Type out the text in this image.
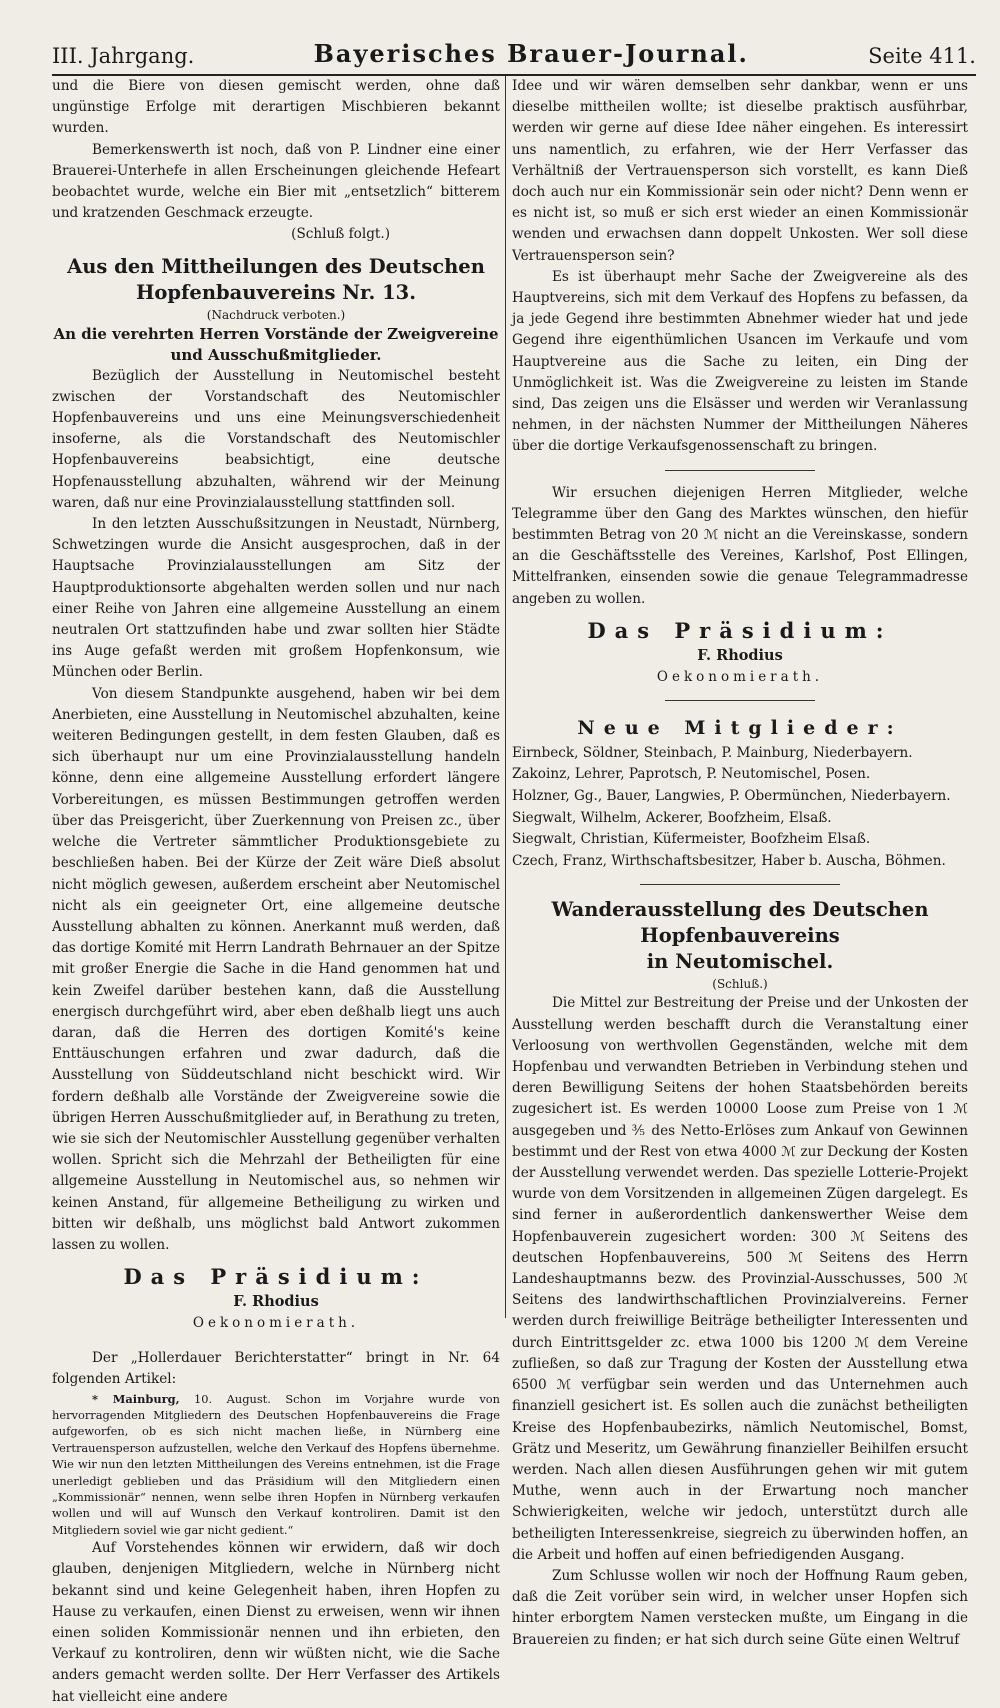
III. Jahrgang.	Bayerisches Brauer-Journal.	Seite 411.

und die Biere von diesen gemischt werden, ohne daß ungünstige Erfolge mit derartigen Mischbieren bekannt wurden.

Bemerkenswerth ist noch, daß von P. Lindner eine einer Brauerei-Unterhefe in allen Erscheinungen gleichende Hefeart beobachtet wurde, welche ein Bier mit „entsetzlich“ bitterem und kratzenden Geschmack erzeugte.

(Schluß folgt.)

Aus den Mittheilungen des Deutschen Hopfenbauvereins Nr. 13.
(Nachdruck verboten.)
An die verehrten Herren Vorstände der Zweigvereine
und Ausschußmitglieder.

Bezüglich der Ausstellung in Neutomischel besteht zwischen der Vorstandschaft des Neutomischler Hopfenbauvereins und uns eine Meinungsverschiedenheit insoferne, als die Vorstandschaft des Neutomischler Hopfenbauvereins beabsichtigt, eine deutsche Hopfenausstellung abzuhalten, während wir der Meinung waren, daß nur eine Provinzialausstellung stattfinden soll.

In den letzten Ausschußsitzungen in Neustadt, Nürnberg, Schwetzingen wurde die Ansicht ausgesprochen, daß in der Hauptsache Provinzialausstellungen am Sitz der Hauptproduktionsorte abgehalten werden sollen und nur nach einer Reihe von Jahren eine allgemeine Ausstellung an einem neutralen Ort stattzufinden habe und zwar sollten hier Städte ins Auge gefaßt werden mit großem Hopfenkonsum, wie München oder Berlin.

Von diesem Standpunkte ausgehend, haben wir bei dem Anerbieten, eine Ausstellung in Neutomischel abzuhalten, keine weiteren Bedingungen gestellt, in dem festen Glauben, daß es sich überhaupt nur um eine Provinzialausstellung handeln könne, denn eine allgemeine Ausstellung erfordert längere Vorbereitungen, es müssen Bestimmungen getroffen werden über das Preisgericht, über Zuerkennung von Preisen zc., über welche die Vertreter sämmtlicher Produktionsgebiete zu beschließen haben. Bei der Kürze der Zeit wäre Dieß absolut nicht möglich gewesen, außerdem erscheint aber Neutomischel nicht als ein geeigneter Ort, eine allgemeine deutsche Ausstellung abhalten zu können. Anerkannt muß werden, daß das dortige Komité mit Herrn Landrath Behrnauer an der Spitze mit großer Energie die Sache in die Hand genommen hat und kein Zweifel darüber bestehen kann, daß die Ausstellung energisch durchgeführt wird, aber eben deßhalb liegt uns auch daran, daß die Herren des dortigen Komité's keine Enttäuschungen erfahren und zwar dadurch, daß die Ausstellung von Süddeutschland nicht beschickt wird. Wir fordern deßhalb alle Vorstände der Zweigvereine sowie die übrigen Herren Ausschußmitglieder auf, in Berathung zu treten, wie sie sich der Neutomischler Ausstellung gegenüber verhalten wollen. Spricht sich die Mehrzahl der Betheiligten für eine allgemeine Ausstellung in Neutomischel aus, so nehmen wir keinen Anstand, für allgemeine Betheiligung zu wirken und bitten wir deßhalb, uns möglichst bald Antwort zukommen lassen zu wollen.

Das Präsidium:
F. Rhodius
Oekonomierath.

Der „Hollerdauer Berichterstatter“ bringt in Nr. 64 folgenden Artikel:

* Mainburg, 10. August. Schon im Vorjahre wurde von hervorragenden Mitgliedern des Deutschen Hopfenbauvereins die Frage aufgeworfen, ob es sich nicht machen ließe, in Nürnberg eine Vertrauensperson aufzustellen, welche den Verkauf des Hopfens übernehme. Wie wir nun den letzten Mittheilungen des Vereins entnehmen, ist die Frage unerledigt geblieben und das Präsidium will den Mitgliedern einen „Kommissionär“ nennen, wenn selbe ihren Hopfen in Nürnberg verkaufen wollen und will auf Wunsch den Verkauf kontroliren. Damit ist den Mitgliedern soviel wie gar nicht gedient.“

Auf Vorstehendes können wir erwidern, daß wir doch glauben, denjenigen Mitgliedern, welche in Nürnberg nicht bekannt sind und keine Gelegenheit haben, ihren Hopfen zu Hause zu verkaufen, einen Dienst zu erweisen, wenn wir ihnen einen soliden Kommissionär nennen und ihn erbieten, den Verkauf zu kontroliren, denn wir wüßten nicht, wie die Sache anders gemacht werden sollte. Der Herr Verfasser des Artikels hat vielleicht eine andere

Idee und wir wären demselben sehr dankbar, wenn er uns dieselbe mittheilen wollte; ist dieselbe praktisch ausführbar, werden wir gerne auf diese Idee näher eingehen. Es interessirt uns namentlich, zu erfahren, wie der Herr Verfasser das Verhältniß der Vertrauensperson sich vorstellt, es kann Dieß doch auch nur ein Kommissionär sein oder nicht? Denn wenn er es nicht ist, so muß er sich erst wieder an einen Kommissionär wenden und erwachsen dann doppelt Unkosten. Wer soll diese Vertrauensperson sein?

Es ist überhaupt mehr Sache der Zweigvereine als des Hauptvereins, sich mit dem Verkauf des Hopfens zu befassen, da ja jede Gegend ihre bestimmten Abnehmer wieder hat und jede Gegend ihre eigenthümlichen Usancen im Verkaufe und vom Hauptvereine aus die Sache zu leiten, ein Ding der Unmöglichkeit ist. Was die Zweigvereine zu leisten im Stande sind, Das zeigen uns die Elsässer und werden wir Veranlassung nehmen, in der nächsten Nummer der Mittheilungen Näheres über die dortige Verkaufsgenossenschaft zu bringen.

Wir ersuchen diejenigen Herren Mitglieder, welche Telegramme über den Gang des Marktes wünschen, den hiefür bestimmten Betrag von 20 ℳ nicht an die Vereinskasse, sondern an die Geschäftsstelle des Vereines, Karlshof, Post Ellingen, Mittelfranken, einsenden sowie die genaue Telegrammadresse angeben zu wollen.

Das Präsidium:
F. Rhodius
Oekonomierath.
Neue Mitglieder:
Eirnbeck, Söldner, Steinbach, P. Mainburg, Niederbayern.
Zakoinz, Lehrer, Paprotsch, P. Neutomischel, Posen.
Holzner, Gg., Bauer, Langwies, P. Obermünchen, Niederbayern.
Siegwalt, Wilhelm, Ackerer, Boofzheim, Elsaß.
Siegwalt, Christian, Küfermeister, Boofzheim Elsaß.
Czech, Franz, Wirthschaftsbesitzer, Haber b. Auscha, Böhmen.
Wanderausstellung des Deutschen Hopfenbauvereins
in Neutomischel.
(Schluß.)

Die Mittel zur Bestreitung der Preise und der Unkosten der Ausstellung werden beschafft durch die Veranstaltung einer Verloosung von werthvollen Gegenständen, welche mit dem Hopfenbau und verwandten Betrieben in Verbindung stehen und deren Bewilligung Seitens der hohen Staatsbehörden bereits zugesichert ist. Es werden 10000 Loose zum Preise von 1 ℳ ausgegeben und ⅗ des Netto-Erlöses zum Ankauf von Gewinnen bestimmt und der Rest von etwa 4000 ℳ zur Deckung der Kosten der Ausstellung verwendet werden. Das spezielle Lotterie-Projekt wurde von dem Vorsitzenden in allgemeinen Zügen dargelegt. Es sind ferner in außerordentlich dankenswerther Weise dem Hopfenbauverein zugesichert worden: 300 ℳ Seitens des deutschen Hopfenbauvereins, 500 ℳ Seitens des Herrn Landeshauptmanns bezw. des Provinzial-Ausschusses, 500 ℳ Seitens des landwirthschaftlichen Provinzialvereins. Ferner werden durch freiwillige Beiträge betheiligter Interessenten und durch Eintrittsgelder zc. etwa 1000 bis 1200 ℳ dem Vereine zufließen, so daß zur Tragung der Kosten der Ausstellung etwa 6500 ℳ verfügbar sein werden und das Unternehmen auch finanziell gesichert ist. Es sollen auch die zunächst betheiligten Kreise des Hopfenbaubezirks, nämlich Neutomischel, Bomst, Grätz und Meseritz, um Gewährung finanzieller Beihilfen ersucht werden. Nach allen diesen Ausführungen gehen wir mit gutem Muthe, wenn auch in der Erwartung noch mancher Schwierigkeiten, welche wir jedoch, unterstützt durch alle betheiligten Interessenkreise, siegreich zu überwinden hoffen, an die Arbeit und hoffen auf einen befriedigenden Ausgang.

Zum Schlusse wollen wir noch der Hoffnung Raum geben, daß die Zeit vorüber sein wird, in welcher unser Hopfen sich hinter erborgtem Namen verstecken mußte, um Eingang in die Brauereien zu finden; er hat sich durch seine Güte einen Weltruf
